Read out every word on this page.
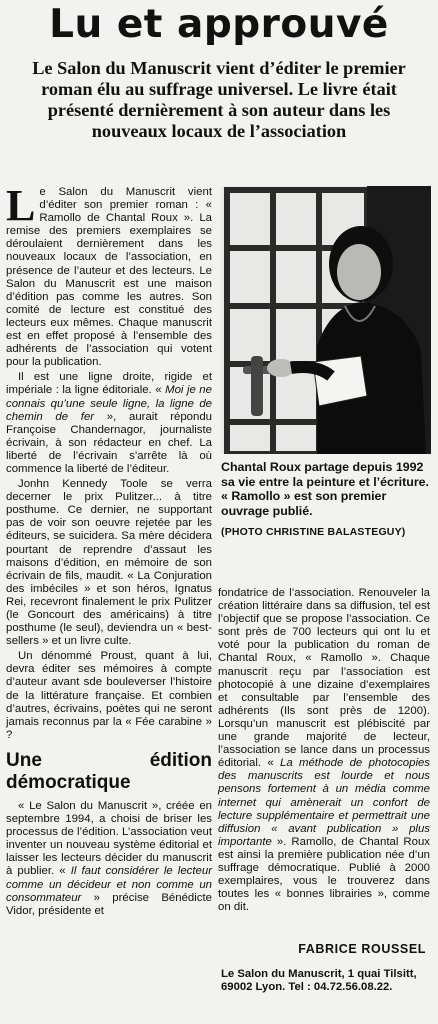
Lu et approuvé
Le Salon du Manuscrit vient d’éditer le premier roman élu au suffrage universel. Le livre était présenté dernièrement à son auteur dans les nouveaux locaux de l’association

Le Salon du Manuscrit vient d’éditer son premier roman : « Ramollo de Chantal Roux ». La remise des premiers exemplaires se déroulaient dernièrement dans les nouveaux locaux de l’association, en présence de l’auteur et des lecteurs. Le Salon du Manuscrit est une maison d’édition pas comme les autres. Son comité de lecture est constitué des lecteurs eux mêmes. Chaque manuscrit est en effet proposé à l’ensemble des adhérents de l’association qui votent pour la publication.

Il est une ligne droite, rigide et impériale : la ligne éditoriale. « Moi je ne connais qu’une seule ligne, la ligne de chemin de fer », aurait répondu Françoise Chandernagor, journaliste écrivain, à son rédacteur en chef. La liberté de l’écrivain s’arrête là où commence la liberté de l’éditeur.

Jonhn Kennedy Toole se verra decerner le prix Pulitzer... à titre posthume. Ce dernier, ne supportant pas de voir son oeuvre rejetée par les éditeurs, se suicidera. Sa mère décidera pourtant de reprendre d’assaut les maisons d’édition, en mémoire de son écrivain de fils, maudit. « La Conjuration des imbéciles » et son héros, Ignatus Rei, recevront finalement le prix Pulitzer (le Goncourt des américains) à titre posthume (le seul), deviendra un « best-sellers » et un livre culte.

Un dénommé Proust, quant à lui, devra éditer ses mémoires à compte d’auteur avant sde bouleverser l’histoire de la littérature française. Et combien d’autres, écrivains, poètes qui ne seront jamais reconnus par la « Fée carabine » ?

Une édition démocratique

« Le Salon du Manuscrit », créée en septembre 1994, a choisi de briser les processus de l’édition. L’association veut inventer un nouveau système éditorial et laisser les lecteurs décider du manuscrit à publier. « Il faut considérer le lecteur comme un décideur et non comme un consommateur » précise Bénédicte Vidor, présidente et

Chantal Roux partage depuis 1992 sa vie entre la peinture et l’écriture. « Ramollo » est son premier ouvrage publié.
(PHOTO CHRISTINE BALASTEGUY)

fondatrice de l’association. Renouveler la création littéraire dans sa diffusion, tel est l’objectif que se propose l’association. Ce sont près de 700 lecteurs qui ont lu et voté pour la publication du roman de Chantal Roux, « Ramollo ». Chaque manuscrit reçu par l’association est photocopié à une dizaine d’exemplaires et consultable par l’ensemble des adhérents (Ils sont près de 1200). Lorsqu’un manuscrit est plébiscité par une grande majorité de lecteur, l’association se lance dans un processus éditorial. « La méthode de photocopies des manuscrits est lourde et nous pensons fortement à un média comme internet qui amènerait un confort de lecture supplémentaire et permettrait une diffusion « avant publication » plus importante ». Ramollo, de Chantal Roux est ainsi la première publication née d’un suffrage démocratique. Publié à 2000 exemplaires, vous le trouverez dans toutes les « bonnes librairies », comme on dit.

FABRICE ROUSSEL
Le Salon du Manuscrit, 1 quai Tilsitt, 69002 Lyon. Tel : 04.72.56.08.22.
